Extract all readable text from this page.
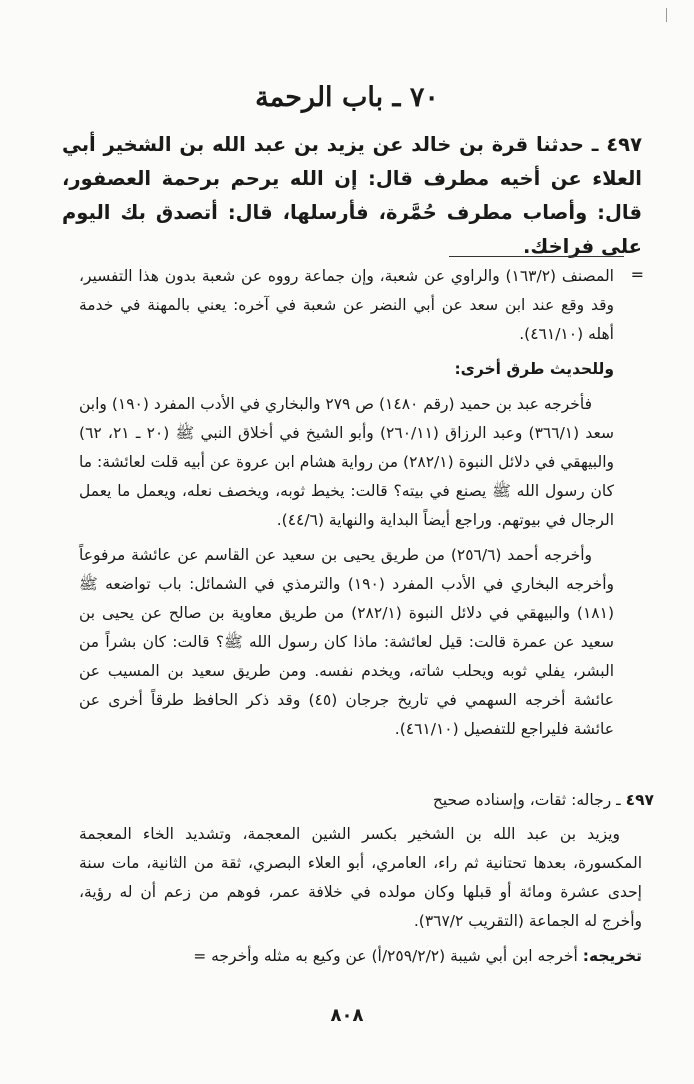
٧٠ ـ باب الرحمة
٤٩٧ ـ حدثنا قرة بن خالد عن يزيد بن عبد الله بن الشخير أبي العلاء عن أخيه مطرف قال: إن الله يرحم برحمة العصفور، قال: وأصاب مطرف حُمَّرة، فأرسلها، قال: أتصدق بك اليوم على فراخك.
=

المصنف (١٦٣/٢) والراوي عن شعبة، وإن جماعة رووه عن شعبة بدون هذا التفسير، وقد وقع عند ابن سعد عن أبي النضر عن شعبة في آخره: يعني بالمهنة في خدمة أهله (٤٦١/١٠).

وللحديث طرق أخرى:

فأخرجه عبد بن حميد (رقم ١٤٨٠) ص ٢٧٩ والبخاري في الأدب المفرد (١٩٠) وابن سعد (٣٦٦/١) وعبد الرزاق (٢٦٠/١١) وأبو الشيخ في أخلاق النبي ﷺ (٢٠ ـ ٢١، ٦٢) والبيهقي في دلائل النبوة (٢٨٢/١) من رواية هشام ابن عروة عن أبيه قلت لعائشة: ما كان رسول الله ﷺ يصنع في بيته؟ قالت: يخيط ثوبه، ويخصف نعله، ويعمل ما يعمل الرجال في بيوتهم. وراجع أيضاً البداية والنهاية (٤٤/٦).

وأخرجه أحمد (٢٥٦/٦) من طريق يحيى بن سعيد عن القاسم عن عائشة مرفوعاً وأخرجه البخاري في الأدب المفرد (١٩٠) والترمذي في الشمائل: باب تواضعه ﷺ (١٨١) والبيهقي في دلائل النبوة (٢٨٢/١) من طريق معاوية بن صالح عن يحيى بن سعيد عن عمرة قالت: قيل لعائشة: ماذا كان رسول الله ﷺ؟ قالت: كان بشراً من البشر، يفلي ثوبه ويحلب شاته، ويخدم نفسه. ومن طريق سعيد بن المسيب عن عائشة أخرجه السهمي في تاريخ جرجان (٤٥) وقد ذكر الحافظ طرقاً أخرى عن عائشة فليراجع للتفصيل (٤٦١/١٠).

٤٩٧ ـ رجاله: ثقات، وإسناده صحيح

ويزيد بن عبد الله بن الشخير بكسر الشين المعجمة، وتشديد الخاء المعجمة المكسورة، بعدها تحتانية ثم راء، العامري، أبو العلاء البصري، ثقة من الثانية، مات سنة إحدى عشرة ومائة أو قبلها وكان مولده في خلافة عمر، فوهم من زعم أن له رؤية، وأخرج له الجماعة (التقريب ٣٦٧/٢).

تخريجه: أخرجه ابن أبي شيبة (٢٥٩/٢/٢/أ) عن وكيع به مثله وأخرجه =

٨٠٨
